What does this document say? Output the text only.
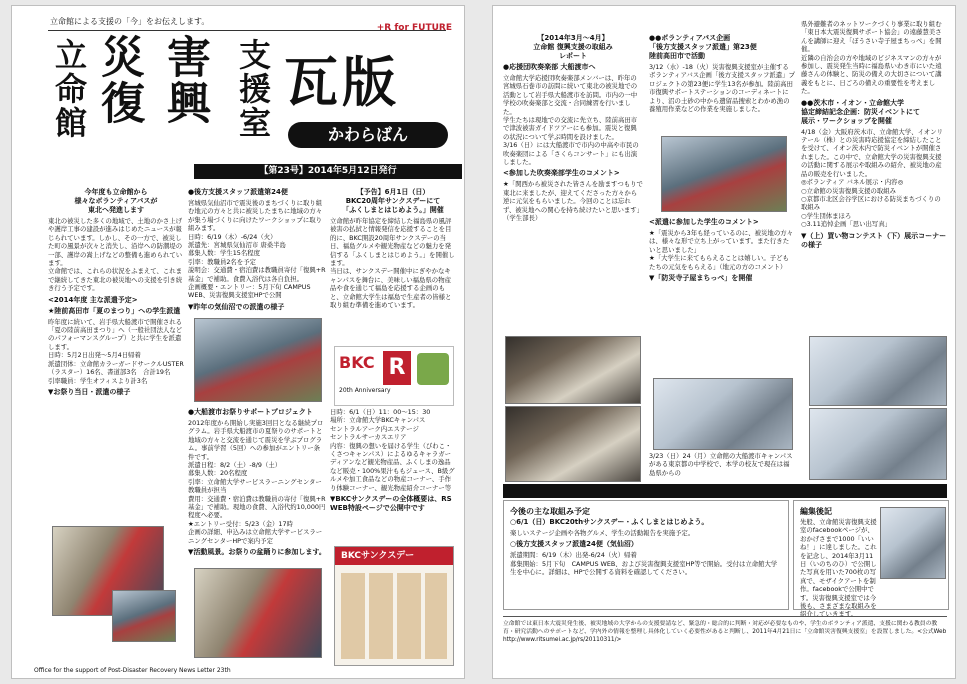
立命館による支援の「今」をお伝えします。
+R for FUTURE
立命館 災復 害興 支援室 瓦版
かわらばん
【第23号】2014年5月12日発行
今年度も立命館から
様々なボランティアバスが
東北へ発進します

東北の被災した多くの地域で、土地のかさ上げや護岸工事の建設が進みはじめたニュースが報じられています。しかし、その一方で、被災した町の風景が次々と消失し、沿岸への防潮堤の一部、護岸の嵩上げなどの整備も進められています。
立命館では、これらの状況をふまえて、これまで継続してきた東北の被災地への支援を引き続き行う予定です。

<2014年度 主な派遣予定>
★陸前高田市「夏のまつり」への学生派遣

昨年度に続いて、岩手県大船渡市で開催される「夏の陸前高田まつり」へ（一般社団法人などのパフォーマンスグループ）と共に学生を派遣します。
日時：5月2日出発～5月4日帰着
派遣団体：立命館カラーガードサークルUSTER（ラスター）16名、書道部3名　合計19名
引率職員：学生オフィスより計3名

▼お祭り当日・派遣の様子
●後方支援スタッフ派遣第24便

宮城県気仙沼市で震災後のまちづくりに取り組む地元の方々と共に被災したまちに地域の方々が集う場づくりに向けたワークショップに取り組みます。
日時：6/19（木）-6/24（火）
派遣先：宮城県気仙沼市 唐桑半島
募集人数：学生15名程度
引率：教職員2名を予定
説明会：交通費・宿泊費は教職員寄付「復興+R基金」で補助。食費入浴代は各自負担。
企画概要・エントリー：5月下旬 CAMPUS WEB、災害復興支援室HPで公開

▼昨年の気仙沼での派遣の様子
●大船渡市お祭りサポートプロジェクト

2012年度から開始し実施3回目となる継続プログラム。岩手県大船渡市の夏祭りのサポートと地域の方々と交流を通じて震災を学ぶプログラム。事前学習（5回）への参加がエントリー条件です。
派遣日程：8/2（土）-8/9（土）
募集人数：20名程度
引率：立命館大学サービスラーニングセンター 教職員が担当
費用：交通費・宿泊費は教職員の寄付「復興+R基金」で補助。現地の食費、入浴代約10,000円程度へ必要。
★エントリー受付：5/23（金）17時
企画の詳細、申込みは立命館大学サービスラーニングセンターHPで案内予定

▼活動風景。お祭りの盆踊りに参加します。
【予告】6月1日（日）
BKC20周年サンクスデーにて
「ふくしまとはじめよう。」開催

立命館が昨年協定を締結した福島県の風評被害の払拭と情報発信を応援することを目的に、BKC開設20周年サンクスデーの当日、福島グルメや観光物産などの魅力を発信する「ふくしまとはじめよう。」を開催します。
当日は、サンクスデー開催中にぎやかなキャンパスを舞台に、美味しい福島県の物産品や食を通じて福島を応援する企画のもと、立命館大学生は福島で生産者の皆様と取り組む準備を進めています。

BKC R
20th Anniversary

日時：6/1（日）11：00～15：30
場所：立命館大学BKCキャンパス
セントラルアーク内エステージ
セントラルサーカスエリア
内容：復興の想いを届ける学生（びわこ・くさつキャンパス）によるゆるキャラガーディアンなど観光物産品、ふくしまの逸品など販売・100%果汁ももジュース、B級グルメや加工食品などの物産コーナー、手作り体験コーナー、観光物産紹介コーナー等

▼BKCサンクスデーの全体概要は、RS WEB特設ページで公開中です
BKCサンクスデー
Office for the support of Post-Disaster Recovery News Letter 23th
【2014年3月～4月】
立命館 復興支援の取組み
レポート
●応援団吹奏楽部 大船渡市へ

立命館大学応援団吹奏楽部メンバーは、昨年の宮城県石巻市の訪問に続いて東北の被災地での活動として岩手県大船渡市を訪問。市内の一中学校の吹奏楽部と交流・合同練習を行いました。
学生たちは現地での交流に先立ち、陸前高田市で津波被害ガイドツアーにも参加。震災と復興の状況について学ぶ時間を設けました。
3/16（日）には大船渡市で市内の中高や市民の吹奏楽団による「さくらコンサート」にも出演しました。

<参加した吹奏楽部学生のコメント>

★「関西から被災された皆さんを励ますつもりで東北に来ましたが、迎えてくださった方々から逆に元気をもらいました。今回のことは忘れず、被災地への関心を持ち続けたいと思います」（学生部長）

●●ボランティアバス企画
「後方支援スタッフ派遣」第23便
陸前高田市で活動

3/12（水）-18（火）災害復興支援室が主催するボランティアバス企画「後方支援スタッフ派遣」プロジェクトの第23便に学生13名が参加。陸前高田市復興サポートステーションのコーディネートにより、沼の土砂の中から遺留品捜索とわかめ漁の養殖用作業などの作業を実施しました。

<派遣に参加した学生のコメント>

★「震災から3年も経っているのに、被災地の方々は、様々な形で立ち上がっています。また行きたいと思いました」
★「大学生に来てもらえることは嬉しい。子どもたちの元気をもらえる」（地元の方のコメント）

▼「防災寺子屋まちっぺ」を開催

3/23（日）24（月）立命館の大船渡市キャンパスがある東京都の中学校で、本学の校友で現在は福島県からの

県外避難者のネットワークづくり事業に取り組む「東日本大震災復興サポート協会」の遠藤慧美さんを講師に迎え「ぼうさい寺子屋まちっぺ」を開催。
近隣の自治会の方や地域のビジネスマンの方々が参加し、震災発生当時に福島県いわき市にいた遠藤さんの体験と、防災の備えの大切さについて講義をもとに、日ごろの備えの重要性を考えました。

●●茨木市・イオン・立命館大学
協定締結記念企画：防災イベントにて
展示・ワークショップを開催

4/18（金）大阪府茨木市、立命館大学、イオンリテール（株）との災害時応援協定を締結したことを受けて、イオン茨木内で防災イベントが開催されました。この中で、立命館大学の災害復興支援の活動に関する展示や取組みの紹介、被災地の産品の販売を行いました。
◎ボランティア バネル展示・内容◎
○立命館の災害復興支援の取組み
○京都市北区会谷学区における防災まちづくりの取組み
○学生団体まほろ
○3.11追悼企画「思い出写真」

▼（上）買い物コンテスト（下）展示コーナーの様子
今後の主な取組み予定
○6/1（日）BKC20thサンクスデー・ふくしまとはじめよう。

楽しいステージ企画や各物グルメ、学生の活動報告を実施予定。

○後方支援スタッフ派遣24便（気仙沼）

派遣期間：6/19（木）出発-6/24（火）帰着
募集開始：5月下旬　CAMPUS WEB、および災害復興支援室HP等で開始。受付は立命館大学生を中心に。詳細は、HPで公開する資料を確認してください。

編集後記

先般、立命館災害復興支援室のfacebookページが、おかげさまで1000「いいね！」に達しました。これを記念し、2014年3月11日（いのちのひ）で公開した写真を用いた700枚の写真で、モザイクアートを制作。facebookで公開中です。災害復興支援室では今後も、さまざまな取組みを紹介していきます。

立命館では東日本大震災発生後、被災地域の大学からの支援要請など、緊急的・総合的に判断・対応が必要なものや、学生のボランティア派遣、支援に関わる教員の教育・研究活動へのサポートなど、学内外の情報を整理し具体化していく必要性があると判断し、2011年4月21日に「立命館災害復興支援室」を設置しました。<公式Web http://www.ritsumei.ac.jp/rs/20110311/>
